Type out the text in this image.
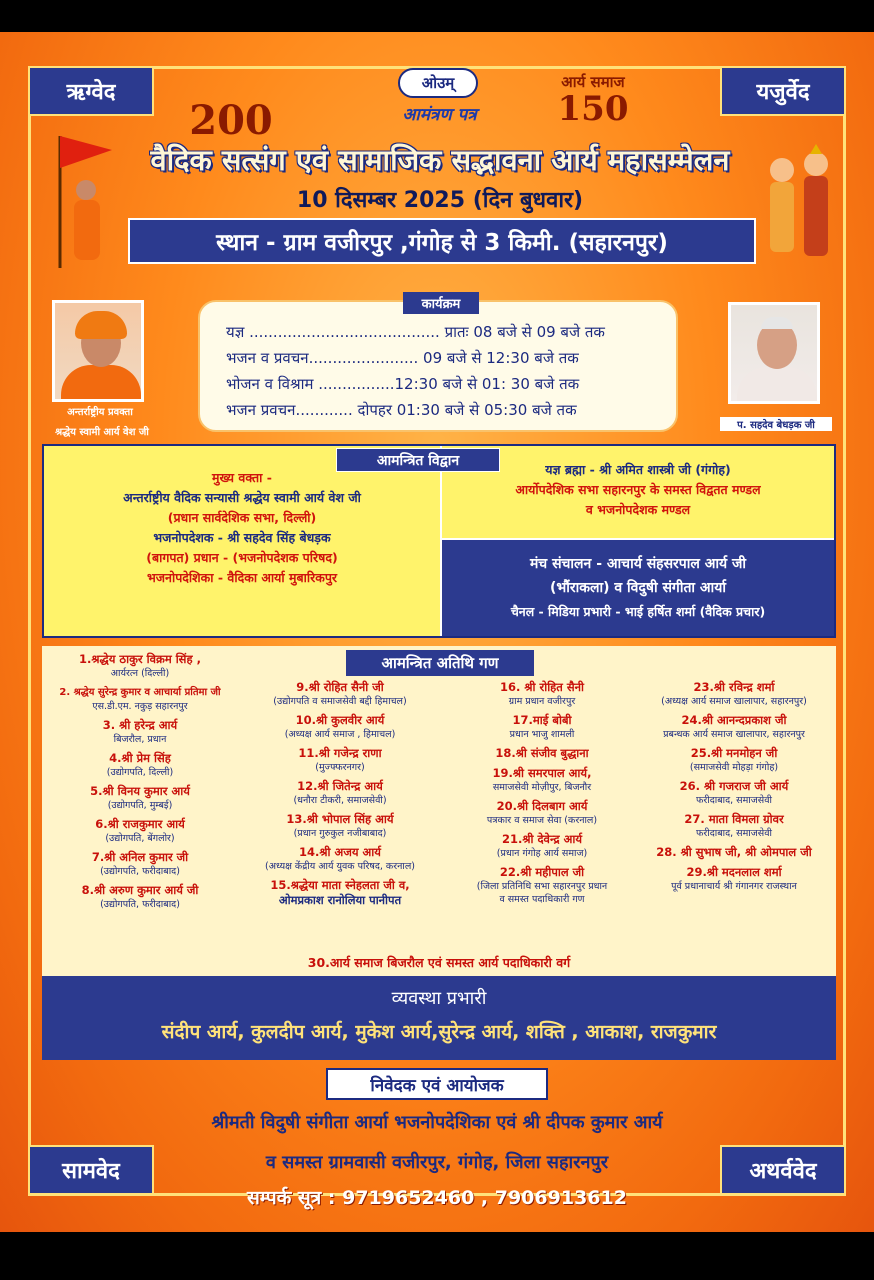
ऋग्वेद	यजुर्वेद
सामवेद	अथर्ववेद
200
ओउम्
आमंत्रण पत्र
आर्य समाज
150
वैदिक सत्संग एवं सामाजिक सद्भावना आर्य महासम्मेलन
10 दिसम्बर 2025 (दिन बुधवार)
स्थान - ग्राम वजीरपुर ,गंगोह से 3 किमी. (सहारनपुर)
अन्तर्राष्ट्रीय प्रवक्ता
श्रद्धेय स्वामी आर्य वेश जी
प. सहदेव बेधड़क जी
कार्यक्रम
यज्ञ ........................................ प्रातः 08 बजे से 09 बजे तक
भजन व प्रवचन....................... 09 बजे से 12:30 बजे तक
भोजन व विश्राम ................12:30 बजे से 01: 30 बजे तक
भजन प्रवचन............ दोपहर 01:30 बजे से 05:30 बजे तक
मुख्य वक्ता -
अन्तर्राष्ट्रीय वैदिक सन्यासी श्रद्धेय स्वामी आर्य वेश जी
(प्रधान सार्वदेशिक सभा, दिल्ली)
भजनोपदेशक - श्री सहदेव सिंह बेधड़क
(बागपत) प्रधान - (भजनोपदेशक परिषद)
भजनोपदेशिका - वैदिका आर्या मुबारिकपुर
यज्ञ ब्रह्मा - श्री अमित शास्त्री जी (गंगोह)
आर्योपदेशिक सभा सहारनपुर के समस्त विद्वतत मण्डल
व भजनोपदेशक मण्डल
मंच संचालन - आचार्य संहसरपाल आर्य जी
(भौंराकला) व विदुषी संगीता आर्या
चैनल - मिडिया प्रभारी - भाई हर्षित शर्मा (वैदिक प्रचार)
आमन्त्रित विद्वान
आमन्त्रित अतिथि गण
1.श्रद्धेय ठाकुर विक्रम सिंह ,
आर्यरत्न (दिल्ली)
2. श्रद्धेय सुरेन्द्र कुमार व आचार्या प्रतिमा जी
एस.डी.एम. नकुड़ सहारनपुर
3. श्री हरेन्द्र आर्य
बिजरौल, प्रधान
4.श्री प्रेम सिंह
(उद्योगपति, दिल्ली)
5.श्री विनय कुमार आर्य
(उद्योगपति, मुम्बई)
6.श्री राजकुमार आर्य
(उद्योगपति, बेंगलोर)
7.श्री अनिल कुमार जी
(उद्योगपति, फरीदाबाद)
8.श्री अरुण कुमार आर्य जी
(उद्योगपति, फरीदाबाद)
9.श्री रोहित सैनी जी
(उद्योगपति व समाजसेवी बद्दी हिमाचल)
10.श्री कुलवीर आर्य
(अध्यक्ष आर्य समाज , हिमाचल)
11.श्री गजेन्द्र राणा
(मुज्फ्फरनगर)
12.श्री जितेन्द्र आर्य
(धनौरा टीकरी, समाजसेवी)
13.श्री भोपाल सिंह आर्य
(प्रधान गुरुकुल नजीबाबाद)
14.श्री अजय आर्य
(अध्यक्ष केंद्रीय आर्य युवक परिषद, करनाल)
15.श्रद्धेया माता स्नेहलता जी व,
ओमप्रकाश रानोलिया पानीपत
16. श्री रोहित सैनी
ग्राम प्रधान वजीरपुर
17.माई बोबी
प्रधान भाजु शामली
18.श्री संजीव बुद्धाना
19.श्री समरपाल आर्य,
समाजसेवी मोज़ीपुर, बिजनौर
20.श्री दिलबाग आर्य
पत्रकार व समाज सेवा (करनाल)
21.श्री देवेन्द्र आर्य
(प्रधान गंगोह आर्य समाज)
22.श्री महीपाल जी
(जिला प्रतिनिधि सभा सहारनपुर प्रधान
व समस्त पदाधिकारी गण
23.श्री रविन्द्र शर्मा
(अध्यक्ष आर्य समाज खालापार, सहारनपुर)
24.श्री आनन्दप्रकाश जी
प्रबन्धक आर्य समाज खालापार, सहारनपुर
25.श्री मनमोहन जी
(समाजसेवी मोहड़ा गंगोह)
26. श्री गजराज जी आर्य
फरीदाबाद, समाजसेवी
27. माता विमला ग्रोवर
फरीदाबाद, समाजसेवी
28. श्री सुभाष जी, श्री ओमपाल जी
29.श्री मदनलाल शर्मा
पूर्व प्रधानाचार्य श्री गंगानगर राजस्थान
30.आर्य समाज बिजरौल एवं समस्त आर्य पदाधिकारी वर्ग
व्यवस्था प्रभारी
संदीप आर्य, कुलदीप आर्य, मुकेश आर्य,सुरेन्द्र आर्य, शक्ति , आकाश, राजकुमार
निवेदक एवं आयोजक
श्रीमती विदुषी संगीता आर्या भजनोपदेशिका एवं श्री दीपक कुमार आर्य
व समस्त ग्रामवासी वजीरपुर, गंगोह, जिला सहारनपुर
सम्पर्क सूत्र : 9719652460 , 7906913612
